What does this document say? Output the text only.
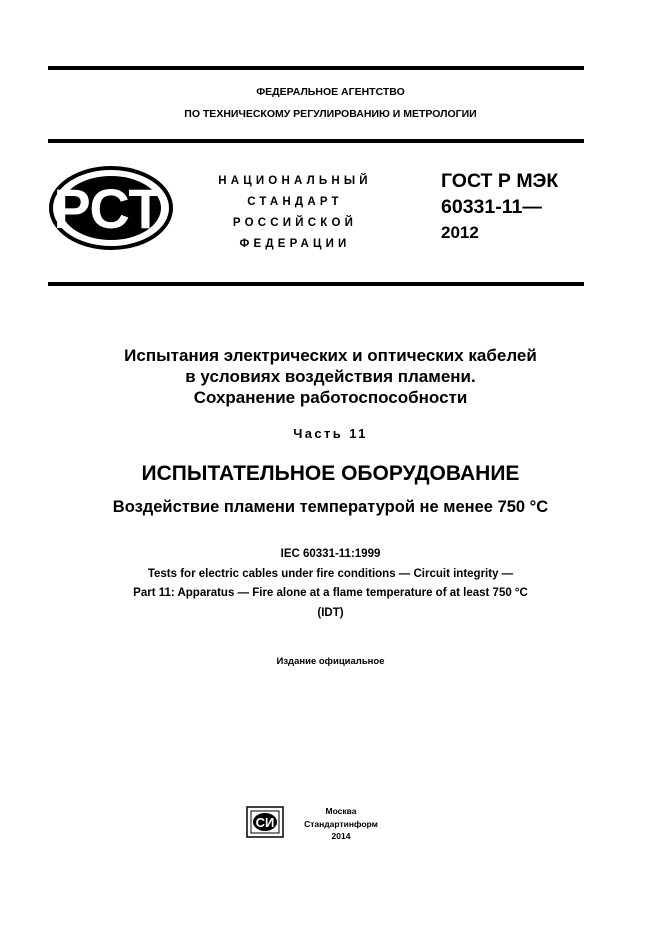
ФЕДЕРАЛЬНОЕ АГЕНТСТВО
ПО ТЕХНИЧЕСКОМУ РЕГУЛИРОВАНИЮ И МЕТРОЛОГИИ
РСТ	НАЦИОНАЛЬНЫЙ
СТАНДАРТ
РОССИЙСКОЙ
ФЕДЕРАЦИИ
ГОСТ Р МЭК
60331-11—
2012
Испытания электрических и оптических кабелей
в условиях воздействия пламени.
Сохранение работоспособности
Часть 11
ИСПЫТАТЕЛЬНОЕ ОБОРУДОВАНИЕ
Воздействие пламени температурой не менее 750 °С
IEC 60331-11:1999
Tests for electric cables under fire conditions — Circuit integrity —
Part 11: Apparatus — Fire alone at a flame temperature of at least 750 °C
(IDT)
Издание официальное
СИ
Москва
Стандартинформ
2014
